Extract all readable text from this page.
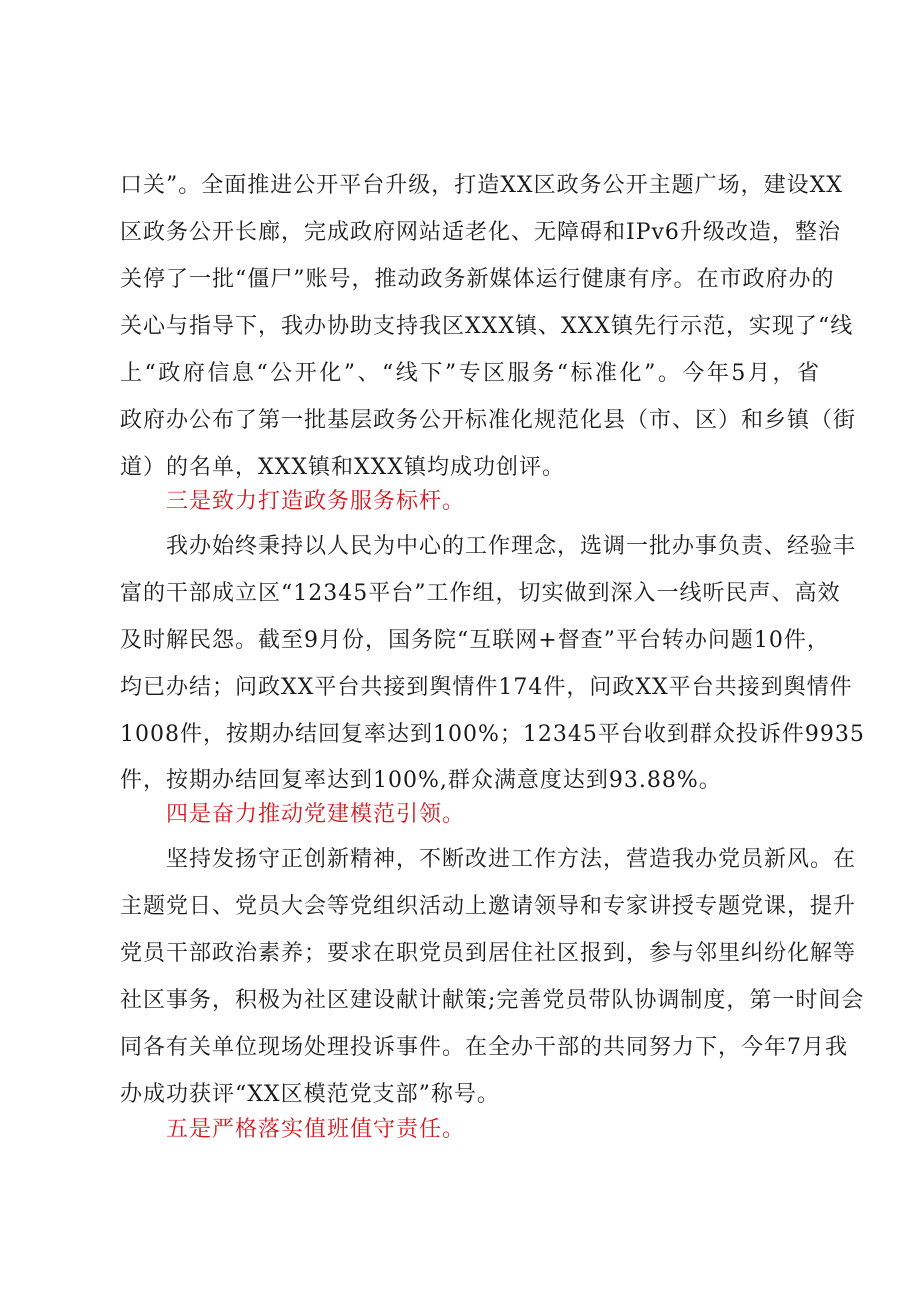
口关”。全面推进公开平台升级，打造XX区政务公开主题广场，建设XX
区政务公开长廊，完成政府网站适老化、无障碍和IPv6升级改造，整治
关停了一批“僵尸”账号，推动政务新媒体运行健康有序。在市政府办的
关心与指导下，我办协助支持我区XXX镇、XXX镇先行示范，实现了“线
上“政府信息“公开化”、“线下”专区服务“标准化”。今年5月，省
政府办公布了第一批基层政务公开标准化规范化县（市、区）和乡镇（街
道）的名单，XXX镇和XXX镇均成功创评。
三是致力打造政务服务标杆。
我办始终秉持以人民为中心的工作理念，选调一批办事负责、经验丰
富的干部成立区“12345平台”工作组，切实做到深入一线听民声、高效
及时解民怨。截至9月份，国务院“互联网+督查”平台转办问题10件，
均已办结；问政XX平台共接到舆情件174件，问政XX平台共接到舆情件
1008件，按期办结回复率达到100%；12345平台收到群众投诉件9935
件，按期办结回复率达到100%,群众满意度达到93.88%。
四是奋力推动党建模范引领。
坚持发扬守正创新精神，不断改进工作方法，营造我办党员新风。在
主题党日、党员大会等党组织活动上邀请领导和专家讲授专题党课，提升
党员干部政治素养；要求在职党员到居住社区报到，参与邻里纠纷化解等
社区事务，积极为社区建设献计献策;完善党员带队协调制度，第一时间会
同各有关单位现场处理投诉事件。在全办干部的共同努力下，今年7月我
办成功获评“XX区模范党支部”称号。
五是严格落实值班值守责任。
